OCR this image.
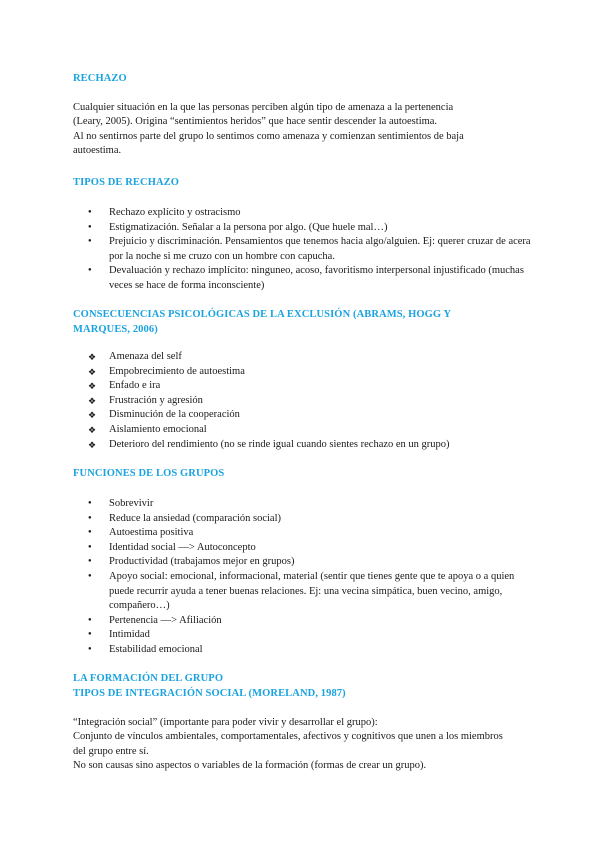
RECHAZO

Cualquier situación en la que las personas perciben algún tipo de amenaza a la pertenencia

(Leary, 2005). Origina “sentimientos heridos” que hace sentir descender la autoestima.

Al no sentirnos parte del grupo lo sentimos como amenaza y comienzan sentimientos de baja

autoestima.

TIPOS DE RECHAZO
●
Rechazo explícito y ostracismo
●
Estigmatización. Señalar a la persona por algo. (Que huele mal…)
●
Prejuicio y discriminación. Pensamientos que tenemos hacia algo/alguien. Ej: querer cruzar de acera por la noche si me cruzo con un hombre con capucha.
●
Devaluación y rechazo implícito: ninguneo, acoso, favoritismo interpersonal injustificado (muchas veces se hace de forma inconsciente)
CONSECUENCIAS PSICOLÓGICAS DE LA EXCLUSIÓN (ABRAMS, HOGG Y
MARQUES, 2006)
❖
Amenaza del self
❖
Empobrecimiento de autoestima
❖
Enfado e ira
❖
Frustración y agresión
❖
Disminución de la cooperación
❖
Aislamiento emocional
❖
Deterioro del rendimiento (no se rinde igual cuando sientes rechazo en un grupo)
FUNCIONES DE LOS GRUPOS
●
Sobrevivir
●
Reduce la ansiedad (comparación social)
●
Autoestima positiva
●
Identidad social —> Autoconcepto
●
Productividad (trabajamos mejor en grupos)
●
Apoyo social: emocional, informacional, material (sentir que tienes gente que te apoya o a quien puede recurrir ayuda a tener buenas relaciones. Ej: una vecina simpática, buen vecino, amigo, compañero…)
●
Pertenencia —> Afiliación
●
Intimidad
●
Estabilidad emocional
LA FORMACIÓN DEL GRUPO
TIPOS DE INTEGRACIÓN SOCIAL (MORELAND, 1987)

“Integración social” (importante para poder vivir y desarrollar el grupo):

Conjunto de vínculos ambientales, comportamentales, afectivos y cognitivos que unen a los miembros

del grupo entre sí.

No son causas sino aspectos o variables de la formación (formas de crear un grupo).
